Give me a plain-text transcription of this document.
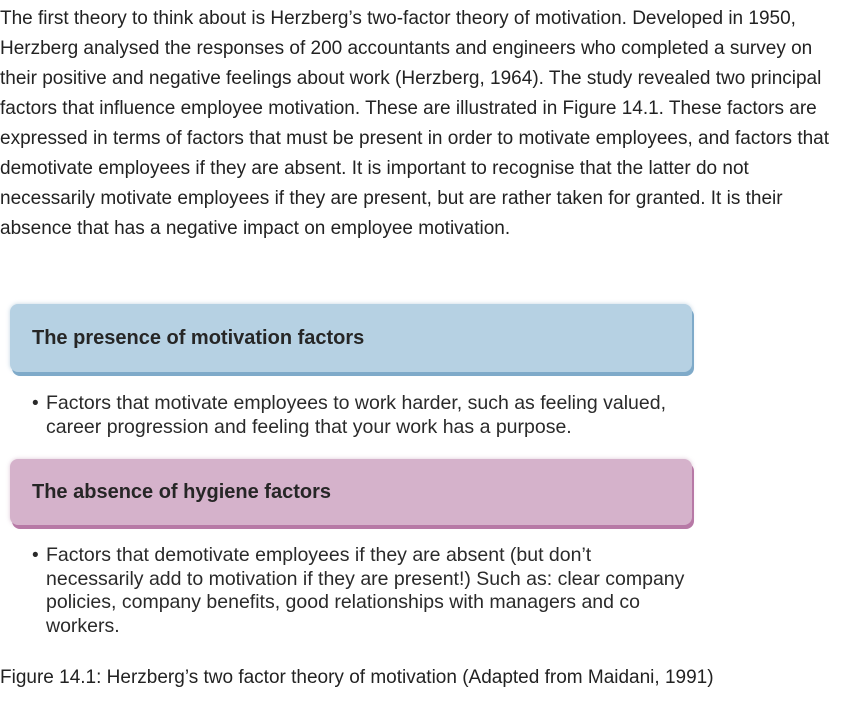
The first theory to think about is Herzberg’s two-factor theory of motivation. Developed in 1950, Herzberg analysed the responses of 200 accountants and engineers who completed a survey on their positive and negative feelings about work (Herzberg, 1964). The study revealed two principal factors that influence employee motivation. These are illustrated in Figure 14.1. These factors are expressed in terms of factors that must be present in order to motivate employees, and factors that demotivate employees if they are absent. It is important to recognise that the latter do not necessarily motivate employees if they are present, but are rather taken for granted. It is their absence that has a negative impact on employee motivation.

The presence of motivation factors
• Factors that motivate employees to work harder, such as feeling valued, career progression and feeling that your work has a purpose.
The absence of hygiene factors
• Factors that demotivate employees if they are absent (but don’t necessarily add to motivation if they are present!) Such as: clear company policies, company benefits, good relationships with managers and co workers.

Figure 14.1: Herzberg’s two factor theory of motivation (Adapted from Maidani, 1991)
